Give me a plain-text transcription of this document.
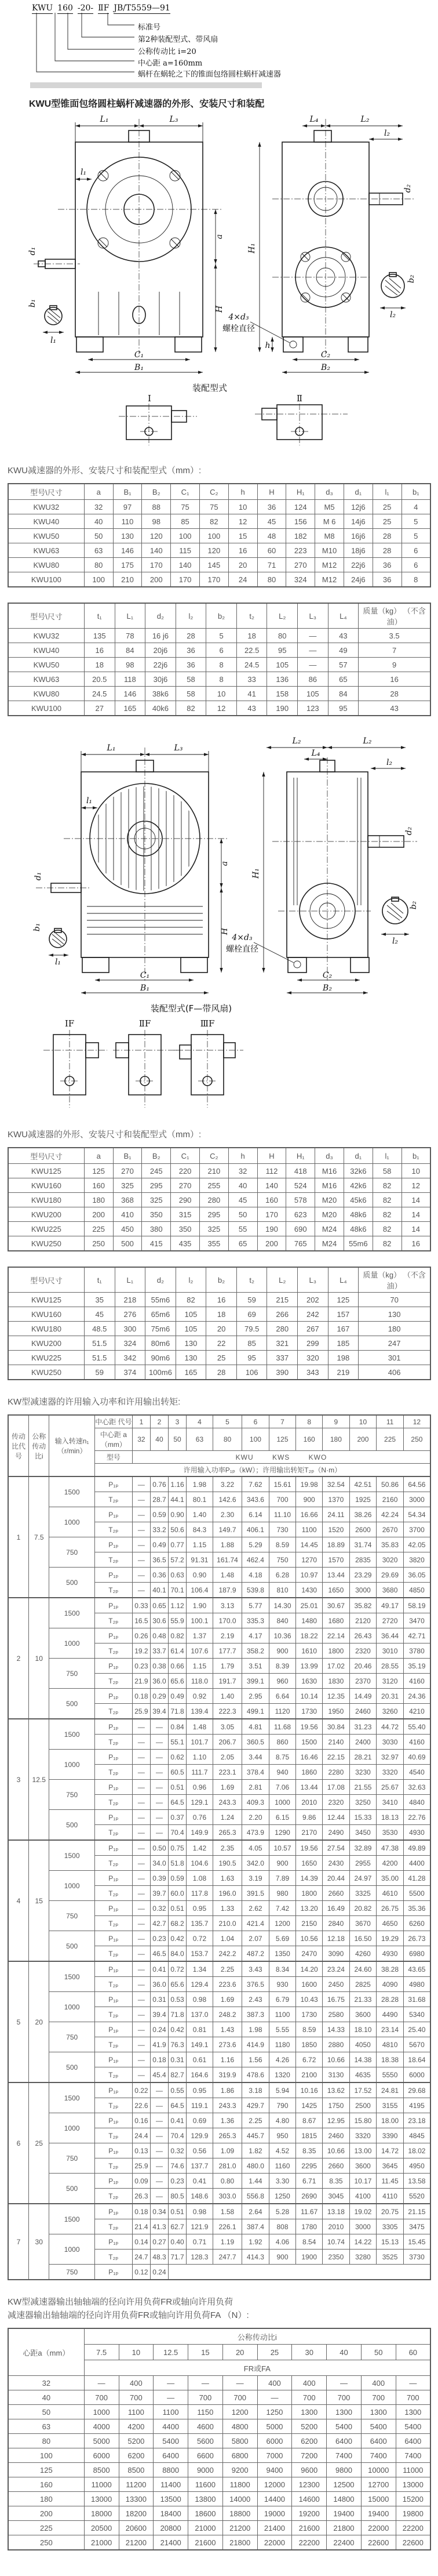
KWU 160 -20- ⅡF JB/T5559—91
标准号
第2种装配型式、带风扇
公称传动比 i=20
中心距 a=160mm
蜗杆在蜗轮之下的锥面包络圆柱蜗杆减速器
KWU型锥面包络圆柱蜗杆减速器的外形、安装尺寸和装配
L₁	L₃
l₁
d₁
b₁
l₁
a
H
C₁
B₁
H₁
h
L₄	L₂
l₂
d₂
b₂
l₂
4×d₃
螺栓直径
C₂
B₂

装配型式
Ⅰ	Ⅱ
KWU减速器的外形、安装尺寸和装配型式（mm）:
型号\尺寸	a	B₁	B₂	C₁	C₂	h	H	H₁	d₃	d₁	l₁	b₁
KWU32	32	97	88	75	75	10	36	124	M5	12j6	25	4
KWU40	40	110	98	85	82	12	45	156	M 6	14j6	25	5
KWU50	50	130	120	100	100	15	48	182	M8	16j6	28	5
KWU63	63	146	140	115	120	16	60	223	M10	18j6	28	6
KWU80	80	175	170	140	145	20	71	270	M12	22j6	36	6
KWU100	100	210	200	170	170	24	80	324	M12	24j6	36	8
型号\尺寸	t₁	L₁	d₂	l₂	b₂	t₂	L₂	L₃	L₄	质量（kg） （不含油）
KWU32	135	78	16 j6	28	5	18	80	—	43	3.5
KWU40	16	84	20j6	36	6	22.5	95	—	49	7
KWU50	18	98	22j6	36	8	24.5	105	—	57	9
KWU63	20.5	118	30j6	58	8	33	136	86	65	16
KWU80	24.5	146	38k6	58	10	41	158	105	84	28
KWU100	27	165	40k6	82	12	43	190	123	95	43
L₁	L₃
l₁
d₁
b₁
l₁
a
H
C₁
B₁
H₁
L₂
L₄
L₂
l₂
d₂
b₂
l₂
4×d₃
螺栓直径
C₂
B₂

装配型式(F—带风扇)
ⅠF	ⅡF	ⅢF
KWU减速器的外形、安装尺寸和装配型式（mm）:
型号\尺寸	a	B₁	B₂	C₁	C₂	h	H	H₁	d₃	d₁	l₁	b₁
KWU125	125	270	245	220	210	32	112	418	M16	32k6	58	10
KWU160	160	325	295	270	255	40	140	524	M16	42k6	82	12
KWU180	180	368	325	290	280	45	160	578	M20	45k6	82	14
KWU200	200	410	350	315	295	50	170	623	M20	48k6	82	14
KWU225	225	450	380	350	325	55	190	690	M24	48k6	82	14
KWU250	250	500	415	435	355	65	200	765	M24	55m6	82	16
型号\尺寸	t₁	L₁	d₂	l₂	b₂	t₂	L₂	L₃	L₄	质量（kg） （不含油）
KWU125	35	218	55m6	82	16	59	215	202	125	70
KWU160	45	276	65m6	105	18	69	266	242	157	130
KWU180	48.5	300	75m6	105	20	79.5	280	267	167	180
KWU200	51.5	324	80m6	130	22	85	321	299	185	247
KWU225	51.5	342	90m6	130	25	95	337	320	198	301
KWU250	59	374	100m6	165	28	106	390	343	219	406
KW型减速器的许用输入功率和许用输出转矩:
传动比代号	公称传动比i	输入转速n₁（r/min）	中心距 代号	1	2	3	4	5	6	7	8	9	10	11	12
			中心距 a（mm）	32	40	50	63	80	100	125	160	180	200	225	250
			型号	KWU KWS KWO											
			许用输入功率P₁ₚ（kW）；许用输出转矩T₂ₚ（N·m）												
1	7.5	1500	P₁ₚ	—	0.76	1.16	1.98	3.22	7.62	15.61	19.98	32.54	42.51	50.86	64.56
			T₂ₚ	—	28.7	44.1	80.1	142.6	343.6	700	900	1370	1925	2160	3000
		1000	P₁ₚ	—	0.59	0.90	1.40	2.30	6.14	11.10	16.66	24.11	38.26	42.24	54.34
			T₂ₚ	—	33.2	50.6	84.3	149.7	406.1	730	1100	1520	2600	2670	3700
		750	P₁ₚ	—	0.49	0.77	1.15	1.88	5.29	8.59	14.45	18.89	31.74	35.83	42.05
			T₂ₚ	—	36.5	57.2	91.31	161.74	462.4	750	1270	1570	2835	3020	3820
		500	P₁ₚ	—	0.36	0.63	0.90	1.48	4.18	6.28	10.97	13.44	23.29	29.69	36.05
			T₂ₚ	—	40.1	70.1	106.4	187.9	539.8	810	1430	1650	3000	3680	4850
2	10	1500	P₁ₚ	0.33	0.65	1.12	1.90	3.13	5.77	14.30	25.01	30.67	35.82	49.17	58.19
			T₂ₚ	16.5	30.6	55.9	100.1	170.0	335.3	840	1480	1680	2120	2720	3470
		1000	P₁ₚ	0.26	0.48	0.82	1.37	2.19	4.17	10.36	18.22	22.14	26.43	36.44	42.71
			T₂ₚ	19.2	33.7	61.4	107.6	177.7	358.2	900	1610	1800	2320	3010	3780
		750	P₁ₚ	0.23	0.38	0.66	1.15	1.79	3.51	8.39	13.99	17.02	20.46	28.55	35.19
			T₂ₚ	21.9	36.0	65.6	118.0	191.7	399.1	960	1630	1830	2370	3120	4160
		500	P₁ₚ	0.18	0.29	0.49	0.92	1.40	2.95	6.64	10.14	12.35	14.49	20.31	24.36
			T₂ₚ	25.9	39.4	71.8	139.4	222.3	499.1	1120	1730	1950	2460	3260	4210
3	12.5	1500	P₁ₚ	—	—	0.84	1.48	3.05	4.81	11.68	19.56	30.84	31.23	44.72	55.40
			T₂ₚ	—	—	55.1	101.7	206.7	360.5	860	1500	2140	2400	3030	4160
		1000	P₁ₚ	—	—	0.62	1.10	2.05	3.44	8.75	16.46	22.15	28.21	32.97	40.69
			T₂ₚ	—	—	60.5	111.7	223.1	378.4	940	1860	2280	3230	3320	4540
		750	P₁ₚ	—	—	0.51	0.96	1.69	2.81	7.06	13.44	17.08	21.55	25.67	32.63
			T₂ₚ	—	—	64.5	129.1	243.3	409.3	1000	2010	2320	3250	3410	4840
		500	P₁ₚ	—	—	0.37	0.76	1.24	2.20	6.15	9.86	12.44	15.33	18.13	22.76
			T₂ₚ	—	—	70.4	149.9	265.3	473.9	1290	2170	2490	3450	3530	4930
4	15	1500	P₁ₚ	—	0.50	0.75	1.42	2.35	4.05	10.57	19.56	27.54	32.89	47.38	49.89
			T₂ₚ	—	34.0	51.8	104.6	190.5	342.0	900	1650	2430	2955	4200	4400
		1000	P₁ₚ	—	0.39	0.59	1.08	1.63	3.19	7.89	14.39	20.44	24.97	35.00	41.28
			T₂ₚ	—	39.7	60.0	117.8	196.0	391.5	980	1800	2660	3325	4610	5500
		750	P₁ₚ	—	0.32	0.51	0.95	1.33	2.62	7.42	13.20	16.49	20.82	26.75	35.36
			T₂ₚ	—	42.7	68.2	135.7	210.0	421.4	1200	2150	2840	3670	4650	6260
		500	P₁ₚ	—	0.23	0.42	0.72	1.04	2.07	5.69	10.56	12.18	16.50	19.29	26.73
			T₂ₚ	—	46.5	84.0	153.7	242.2	487.2	1350	2470	3090	4260	4930	6980
5	20	1500	P₁ₚ	—	0.41	0.72	1.34	2.25	3.43	8.34	14.20	23.24	24.60	38.28	43.65
			T₂ₚ	—	36.0	65.6	129.4	223.6	376.5	930	1600	2450	2825	4090	4980
		1000	P₁ₚ	—	0.31	0.53	0.98	1.69	2.43	6.79	10.43	16.75	21.33	28.28	31.68
			T₂ₚ	—	39.4	71.8	137.0	248.2	387.3	1100	1730	2580	3600	4490	5340
		750	P₁ₚ	—	0.24	0.42	0.81	1.43	1.98	5.55	8.59	14.33	18.10	23.14	25.40
			T₂ₚ	—	41.9	76.3	149.1	273.6	414.9	1180	1850	2880	4050	4810	5670
		500	P₁ₚ	—	0.18	0.31	0.61	1.16	1.56	4.26	6.72	10.66	14.38	18.38	18.64
			T₂ₚ	—	45.4	82.7	164.6	319.9	478.6	1320	2100	3130	4635	5550	6000
6	25	1500	P₁ₚ	0.22	—	0.55	0.95	1.86	3.18	5.94	10.16	13.62	17.52	24.81	29.68
			T₂ₚ	22.6	—	64.5	119.1	243.3	429.7	790	1425	1750	2500	3155	4195
		1000	P₁ₚ	0.16	—	0.41	0.69	1.36	2.25	4.80	8.67	12.95	15.80	18.00	23.18
			T₂ₚ	24.4	—	70.4	129.9	265.3	445.7	950	1815	2460	3320	3390	4845
		750	P₁ₚ	0.13	—	0.32	0.56	1.09	1.82	4.52	8.35	10.66	13.00	14.72	18.02
			T₂ₚ	25.9	—	74.6	137.7	281.0	480.0	1160	2295	2660	3600	3645	4950
		500	P₁ₚ	0.09	—	0.23	0.41	0.80	1.44	3.30	6.71	8.35	10.17	11.45	13.58
			T₂ₚ	26.3	—	80.5	148.6	303.0	556.8	1250	2690	3045	4100	4110	5520
7	30	1500	P₁ₚ	0.18	0.34	0.51	0.98	1.58	2.64	5.28	11.67	13.18	19.02	20.75	21.15
			T₂ₚ	21.4	41.3	62.7	121.9	226.1	387.4	808	1780	2010	3000	3305	3475
		1000	P₁ₚ	0.14	0.27	0.40	0.71	1.19	1.92	4.06	8.54	10.74	14.22	15.13	15.45
			T₂ₚ	24.7	48.3	71.7	128.3	247.7	414.3	900	1900	2350	3280	3525	3730
		750	P₁ₚ	0.12	0.24										
KW型减速器输出轴轴端的径向许用负荷FR或轴向许用负荷
减速器输出轴轴端的径向许用负荷FR或轴向许用负荷FA （N）:
心距a（mm）	公称传动比i									
	7.5	10	12.5	15	20	25	30	40	50	60
	FR或FA									
32	—	400	—	—	—	400	400	—	400	—
40	700	700	—	700	700	—	700	700	700	700
50	1000	1100	1100	1150	1200	1250	1300	1300	1300	1300
63	4000	4200	4400	4600	4800	5000	5200	5400	5400	5400
80	5000	5200	5400	5600	5800	6000	6200	6400	6400	6400
100	6000	6200	6400	6600	6800	7000	7200	7400	7400	7400
125	8500	8500	8800	9000	9200	9400	9600	9800	10000	11000
160	11000	11200	11400	11600	11800	12000	12300	12500	12700	13000
180	13000	13300	13500	13800	14000	14400	14600	14800	15000	15200
200	18000	18200	18400	18600	18800	19000	19200	19400	19400	19800
225	20500	20600	20800	21000	21200	21400	21600	21800	22000	22200
250	21000	21200	21400	21600	21800	22000	22200	22400	22600	22600
